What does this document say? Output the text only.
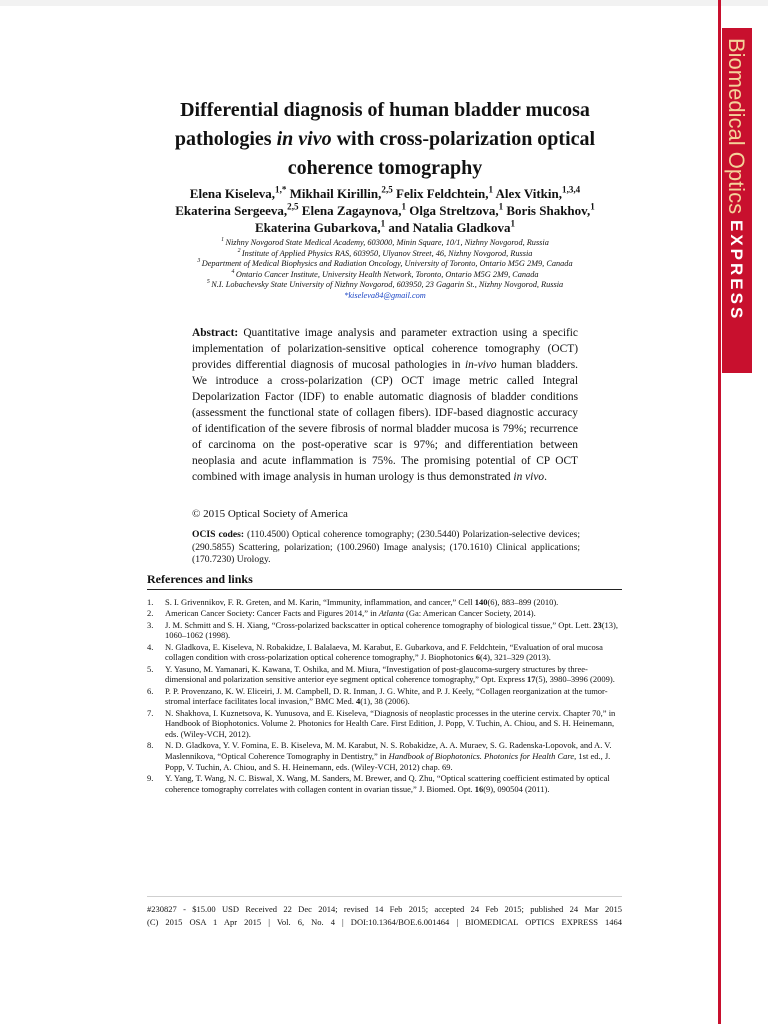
Biomedical OpticsEXPRESS
Differential diagnosis of human bladder mucosa pathologies in vivo with cross-polarization optical coherence tomography
Elena Kiseleva,$^{1,*}$ Mikhail Kirillin,$^{2,5}$ Felix Feldchtein,$^1$ Alex Vitkin,$^{1,3,4}$
Ekaterina Sergeeva,$^{2,5}$ Elena Zagaynova,$^1$ Olga Streltzova,$^1$ Boris Shakhov,$^1$
Ekaterina Gubarkova,$^1$ and Natalia Gladkova$^1$
$^1$ Nizhny Novgorod State Medical Academy, 603000, Minin Square, 10/1, Nizhny Novgorod, Russia
$^2$ Institute of Applied Physics RAS, 603950, Ulyanov Street, 46, Nizhny Novgorod, Russia
$^3$ Department of Medical Biophysics and Radiation Oncology, University of Toronto, Ontario M5G 2M9, Canada
$^4$ Ontario Cancer Institute, University Health Network, Toronto, Ontario M5G 2M9, Canada
$^5$ N.I. Lobachevsky State University of Nizhny Novgorod, 603950, 23 Gagarin St., Nizhny Novgorod, Russia
*kiseleva84@gmail.com
Abstract: Quantitative image analysis and parameter extraction using a specific implementation of polarization-sensitive optical coherence tomography (OCT) provides differential diagnosis of mucosal pathologies in in-vivo human bladders. We introduce a cross-polarization (CP) OCT image metric called Integral Depolarization Factor (IDF) to enable automatic diagnosis of bladder conditions (assessment the functional state of collagen fibers). IDF-based diagnostic accuracy of identification of the severe fibrosis of normal bladder mucosa is 79%; recurrence of carcinoma on the post-operative scar is 97%; and differentiation between neoplasia and acute inflammation is 75%. The promising potential of CP OCT combined with image analysis in human urology is thus demonstrated in vivo.
© 2015 Optical Society of America
OCIS codes: (110.4500) Optical coherence tomography; (230.5440) Polarization-selective devices; (290.5855) Scattering, polarization; (100.2960) Image analysis; (170.1610) Clinical applications; (170.7230) Urology.
References and links
1.	S. I. Grivennikov, F. R. Greten, and M. Karin, “Immunity, inflammation, and cancer,” Cell 140(6), 883–899 (2010).
2.	American Cancer Society: Cancer Facts and Figures 2014,” in Atlanta (Ga: American Cancer Society, 2014).
3.	J. M. Schmitt and S. H. Xiang, “Cross-polarized backscatter in optical coherence tomography of biological tissue,” Opt. Lett. 23(13), 1060–1062 (1998).
4.	N. Gladkova, E. Kiseleva, N. Robakidze, I. Balalaeva, M. Karabut, E. Gubarkova, and F. Feldchtein, “Evaluation of oral mucosa collagen condition with cross-polarization optical coherence tomography,” J. Biophotonics 6(4), 321–329 (2013).
5.	Y. Yasuno, M. Yamanari, K. Kawana, T. Oshika, and M. Miura, “Investigation of post-glaucoma-surgery structures by three-dimensional and polarization sensitive anterior eye segment optical coherence tomography,” Opt. Express 17(5), 3980–3996 (2009).
6.	P. P. Provenzano, K. W. Eliceiri, J. M. Campbell, D. R. Inman, J. G. White, and P. J. Keely, “Collagen reorganization at the tumor-stromal interface facilitates local invasion,” BMC Med. 4(1), 38 (2006).
7.	N. Shakhova, I. Kuznetsova, K. Yunusova, and E. Kiseleva, “Diagnosis of neoplastic processes in the uterine cervix. Chapter 70,” in Handbook of Biophotonics. Volume 2. Photonics for Health Care. First Edition, J. Popp, V. Tuchin, A. Chiou, and S. H. Heinemann, eds. (Wiley-VCH, 2012).
8.	N. D. Gladkova, Y. V. Fomina, E. B. Kiseleva, M. M. Karabut, N. S. Robakidze, A. A. Muraev, S. G. Radenska-Lopovok, and A. V. Maslennikova, “Optical Coherence Tomography in Dentistry,” in Handbook of Biophotonics. Photonics for Health Care, 1st ed., J. Popp, V. Tuchin, A. Chiou, and S. H. Heinemann, eds. (Wiley-VCH, 2012) chap. 69.
9.	Y. Yang, T. Wang, N. C. Biswal, X. Wang, M. Sanders, M. Brewer, and Q. Zhu, “Optical scattering coefficient estimated by optical coherence tomography correlates with collagen content in ovarian tissue,” J. Biomed. Opt. 16(9), 090504 (2011).
#230827 - $15.00 USD Received 22 Dec 2014; revised 14 Feb 2015; accepted 24 Feb 2015; published 24 Mar 2015
(C) 2015 OSA 1 Apr 2015 | Vol. 6, No. 4 | DOI:10.1364/BOE.6.001464 | BIOMEDICAL OPTICS EXPRESS 1464
